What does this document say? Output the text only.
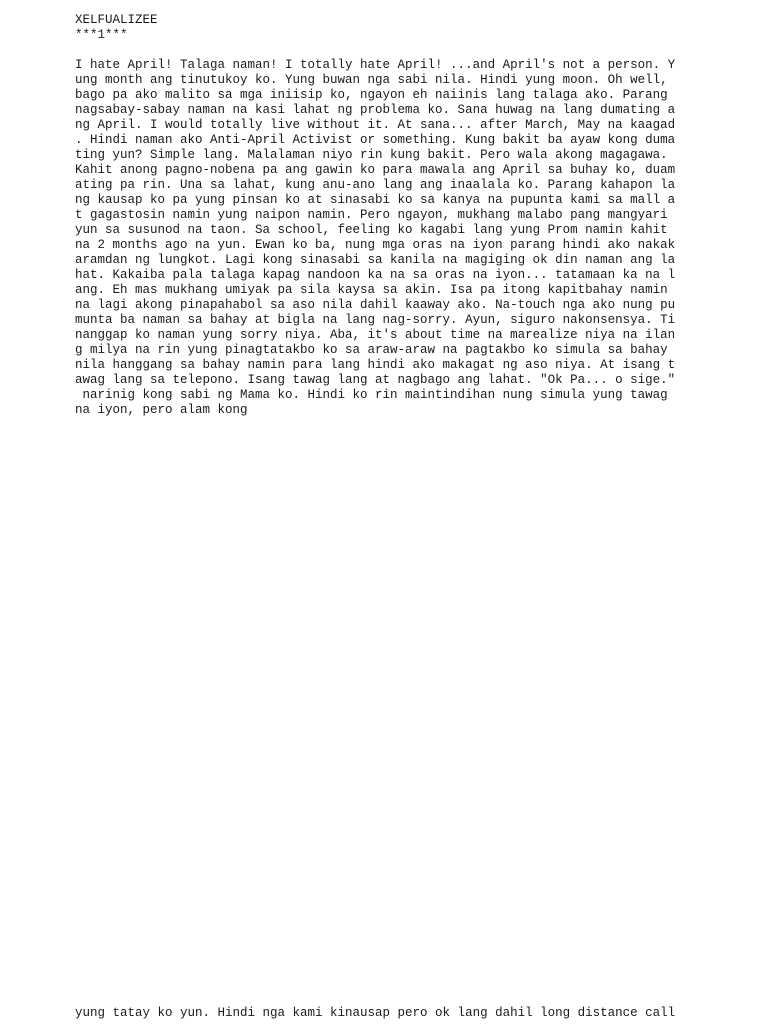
XELFUALIZEE
***1***
I hate April! Talaga naman! I totally hate April! ...and April's not a person. Y
ung month ang tinutukoy ko. Yung buwan nga sabi nila. Hindi yung moon. Oh well,
bago pa ako malito sa mga iniisip ko, ngayon eh naiinis lang talaga ako. Parang
nagsabay-sabay naman na kasi lahat ng problema ko. Sana huwag na lang dumating a
ng April. I would totally live without it. At sana... after March, May na kaagad
. Hindi naman ako Anti-April Activist or something. Kung bakit ba ayaw kong duma
ting yun? Simple lang. Malalaman niyo rin kung bakit. Pero wala akong magagawa.
Kahit anong pagno-nobena pa ang gawin ko para mawala ang April sa buhay ko, duam
ating pa rin. Una sa lahat, kung anu-ano lang ang inaalala ko. Parang kahapon la
ng kausap ko pa yung pinsan ko at sinasabi ko sa kanya na pupunta kami sa mall a
t gagastosin namin yung naipon namin. Pero ngayon, mukhang malabo pang mangyari
yun sa susunod na taon. Sa school, feeling ko kagabi lang yung Prom namin kahit
na 2 months ago na yun. Ewan ko ba, nung mga oras na iyon parang hindi ako nakak
aramdan ng lungkot. Lagi kong sinasabi sa kanila na magiging ok din naman ang la
hat. Kakaiba pala talaga kapag nandoon ka na sa oras na iyon... tatamaan ka na l
ang. Eh mas mukhang umiyak pa sila kaysa sa akin. Isa pa itong kapitbahay namin
na lagi akong pinapahabol sa aso nila dahil kaaway ako. Na-touch nga ako nung pu
munta ba naman sa bahay at bigla na lang nag-sorry. Ayun, siguro nakonsensya. Ti
nanggap ko naman yung sorry niya. Aba, it's about time na marealize niya na ilan
g milya na rin yung pinagtatakbo ko sa araw-araw na pagtakbo ko simula sa bahay
nila hanggang sa bahay namin para lang hindi ako makagat ng aso niya. At isang t
awag lang sa telepono. Isang tawag lang at nagbago ang lahat. "Ok Pa... o sige."
narinig kong sabi ng Mama ko. Hindi ko rin maintindihan nung simula yung tawag
na iyon, pero alam kong
yung tatay ko yun. Hindi nga kami kinausap pero ok lang dahil long distance call
